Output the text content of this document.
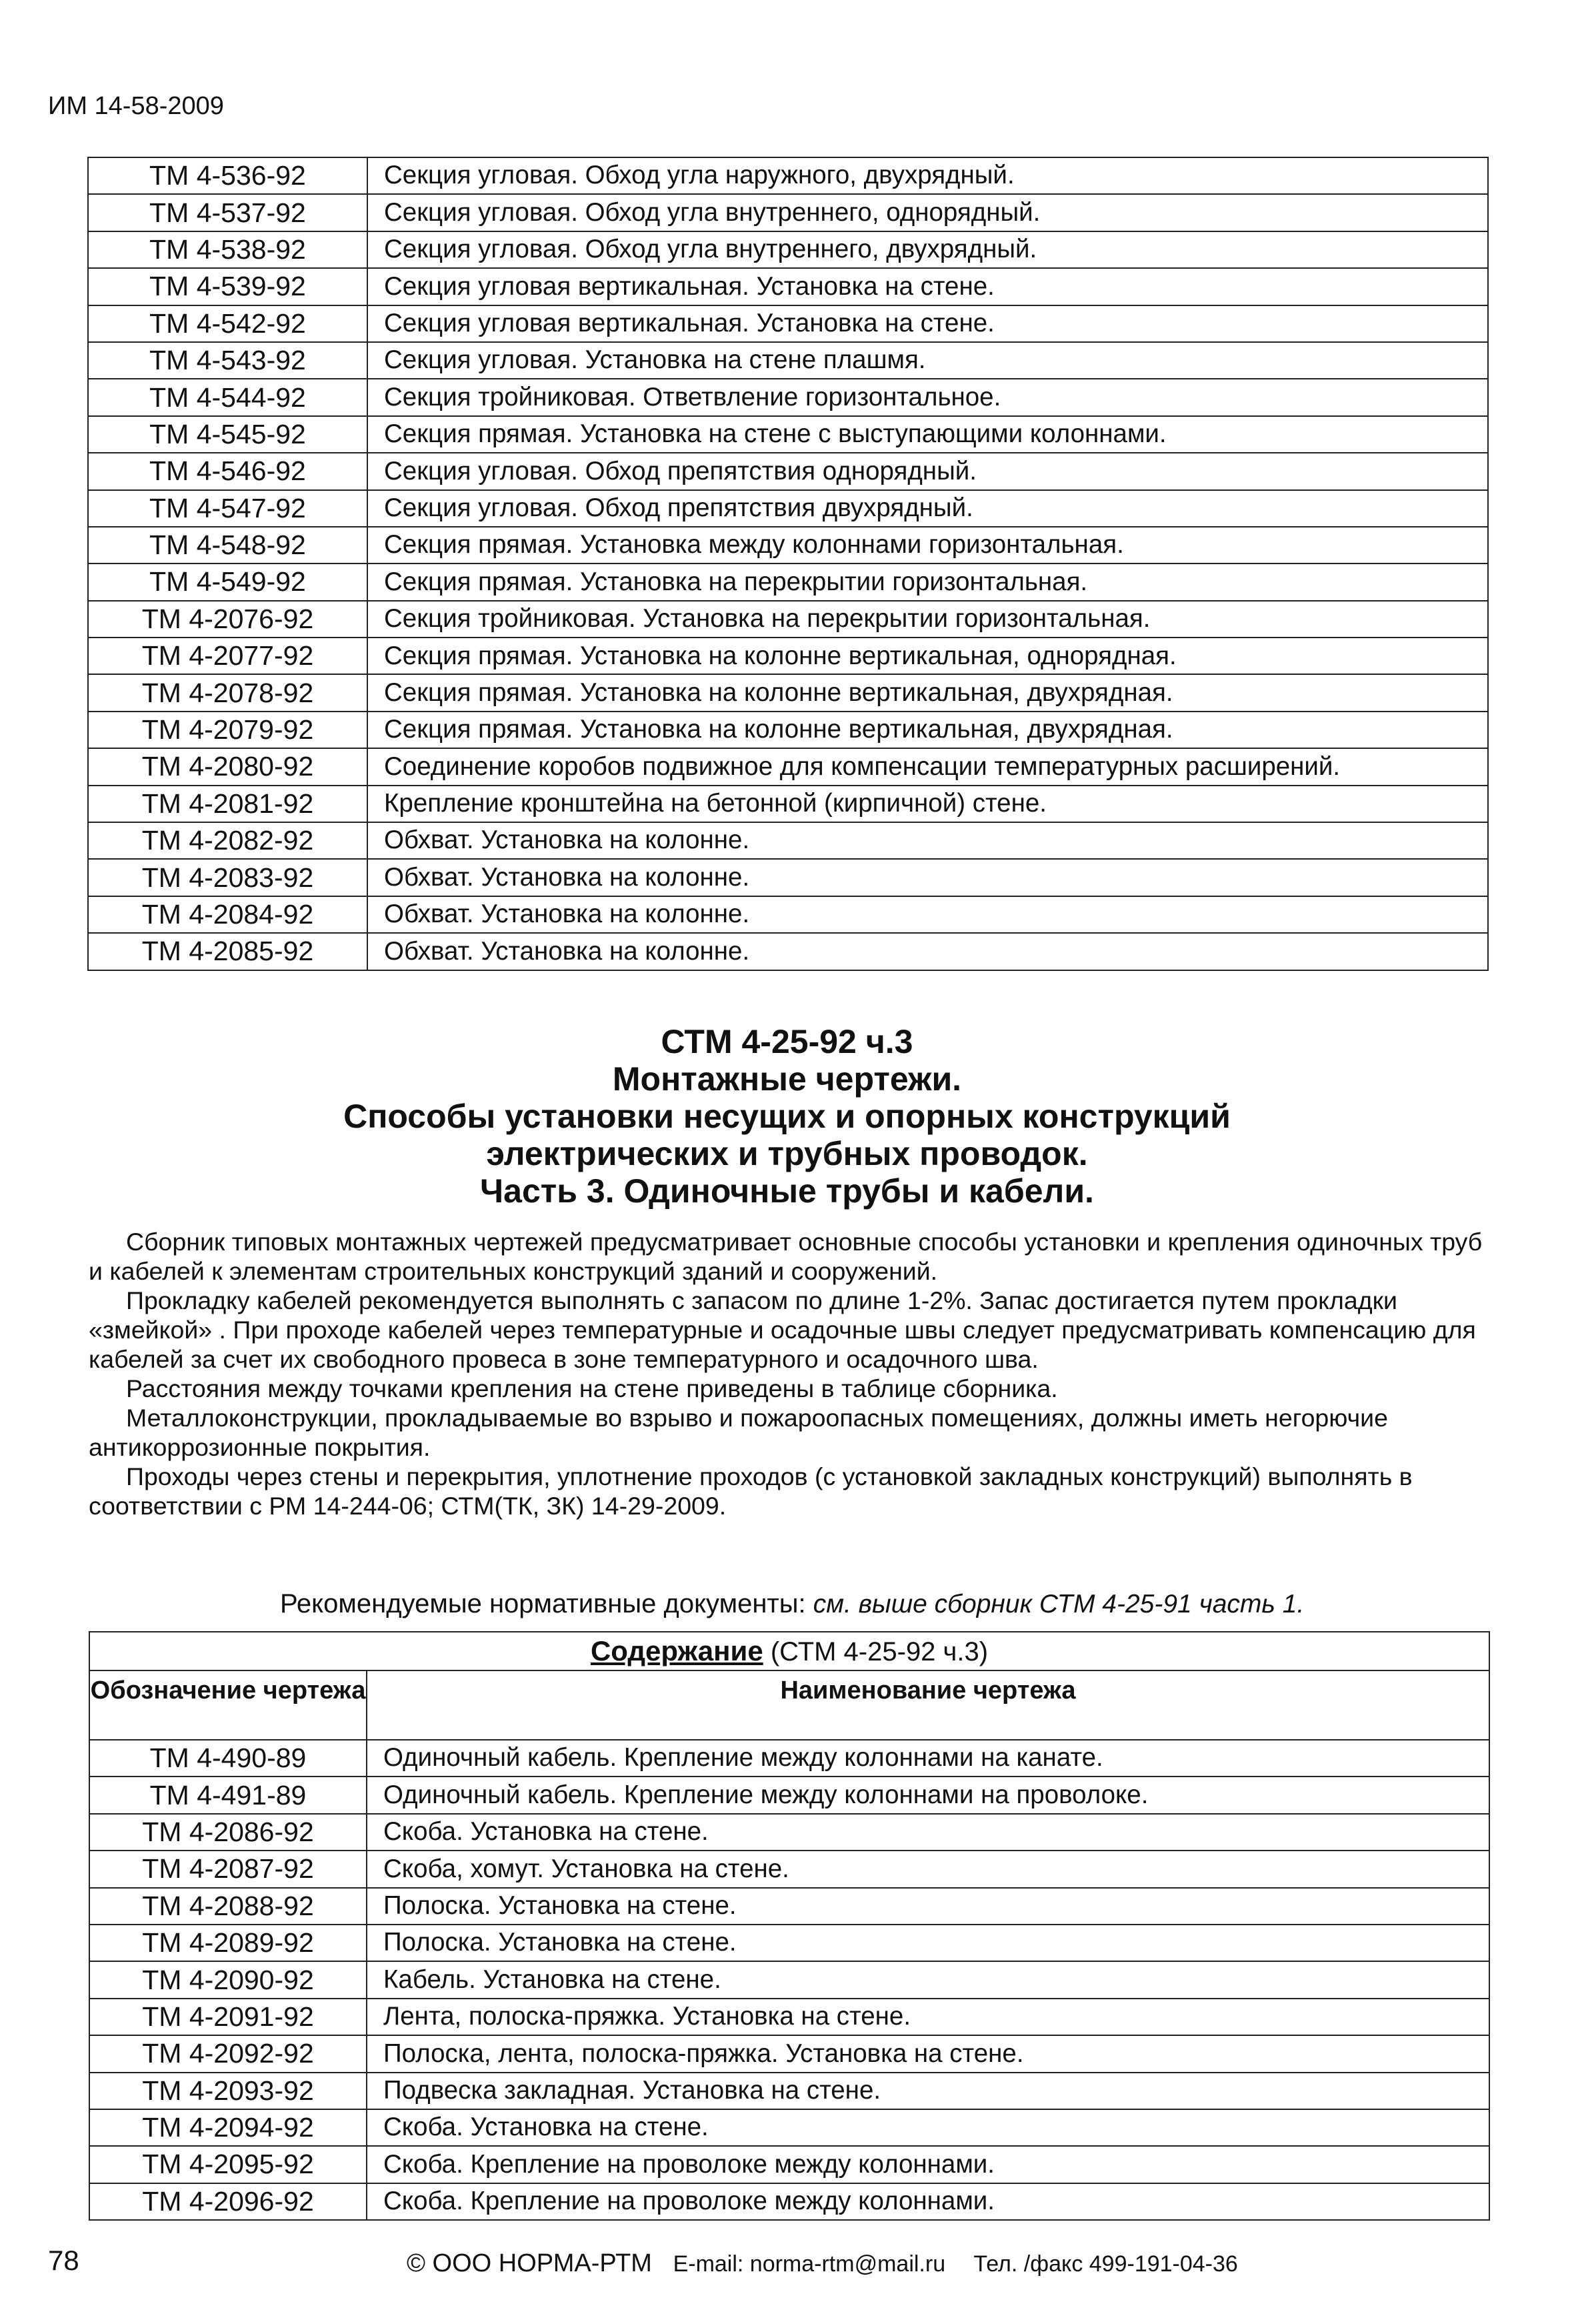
ИМ 14-58-2009
ТМ 4-536-92	Секция угловая. Обход угла наружного, двухрядный.
ТМ 4-537-92	Секция угловая. Обход угла внутреннего, однорядный.
ТМ 4-538-92	Секция угловая. Обход угла внутреннего, двухрядный.
ТМ 4-539-92	Секция угловая вертикальная. Установка на стене.
ТМ 4-542-92	Секция угловая вертикальная. Установка на стене.
ТМ 4-543-92	Секция угловая. Установка на стене плашмя.
ТМ 4-544-92	Секция тройниковая. Ответвление горизонтальное.
ТМ 4-545-92	Секция прямая. Установка на стене с выступающими колоннами.
ТМ 4-546-92	Секция угловая. Обход препятствия однорядный.
ТМ 4-547-92	Секция угловая. Обход препятствия двухрядный.
ТМ 4-548-92	Секция прямая. Установка между колоннами горизонтальная.
ТМ 4-549-92	Секция прямая. Установка на перекрытии горизонтальная.
ТМ 4-2076-92	Секция тройниковая. Установка на перекрытии горизонтальная.
ТМ 4-2077-92	Секция прямая. Установка на колонне вертикальная, однорядная.
ТМ 4-2078-92	Секция прямая. Установка на колонне вертикальная, двухрядная.
ТМ 4-2079-92	Секция прямая. Установка на колонне вертикальная, двухрядная.
ТМ 4-2080-92	Соединение коробов подвижное для компенсации температурных расширений.
ТМ 4-2081-92	Крепление кронштейна на бетонной (кирпичной) стене.
ТМ 4-2082-92	Обхват. Установка на колонне.
ТМ 4-2083-92	Обхват. Установка на колонне.
ТМ 4-2084-92	Обхват. Установка на колонне.
ТМ 4-2085-92	Обхват. Установка на колонне.
СТМ 4-25-92 ч.3
Монтажные чертежи.
Способы установки несущих и опорных конструкций
электрических и трубных проводок.
Часть 3. Одиночные трубы и кабели.

Сборник типовых монтажных чертежей предусматривает основные способы установки и крепления одиночных труб и кабелей к элементам строительных конструкций зданий и сооружений.

Прокладку кабелей рекомендуется выполнять с запасом по длине 1-2%. Запас достигается путем прокладки «змейкой» . При проходе кабелей через температурные и осадочные швы следует предусматривать компенсацию для кабелей за счет их свободного провеса в зоне температурного и осадочного шва.

Расстояния между точками крепления на стене приведены в таблице сборника.

Металлоконструкции, прокладываемые во взрыво и пожароопасных помещениях, должны иметь негорючие антикоррозионные покрытия.

Проходы через стены и перекрытия, уплотнение проходов (с установкой закладных конструкций) выполнять в соответствии с РМ 14-244-06; СТМ(ТК, ЗК) 14-29-2009.

Рекомендуемые нормативные документы: см. выше сборник СТМ 4-25-91 часть 1.
Содержание (СТМ 4-25-92 ч.3)	
Обозначение чертежа	Наименование чертежа
ТМ 4-490-89	Одиночный кабель. Крепление между колоннами на канате.
ТМ 4-491-89	Одиночный кабель. Крепление между колоннами на проволоке.
ТМ 4-2086-92	Скоба. Установка на стене.
ТМ 4-2087-92	Скоба, хомут. Установка на стене.
ТМ 4-2088-92	Полоска. Установка на стене.
ТМ 4-2089-92	Полоска. Установка на стене.
ТМ 4-2090-92	Кабель. Установка на стене.
ТМ 4-2091-92	Лента, полоска-пряжка. Установка на стене.
ТМ 4-2092-92	Полоска, лента, полоска-пряжка. Установка на стене.
ТМ 4-2093-92	Подвеска закладная. Установка на стене.
ТМ 4-2094-92	Скоба. Установка на стене.
ТМ 4-2095-92	Скоба. Крепление на проволоке между колоннами.
ТМ 4-2096-92	Скоба. Крепление на проволоке между колоннами.
78	© ООО НОРМА-РТМ E-mail: norma-rtm@mail.ru Тел. /факс 499-191-04-36
